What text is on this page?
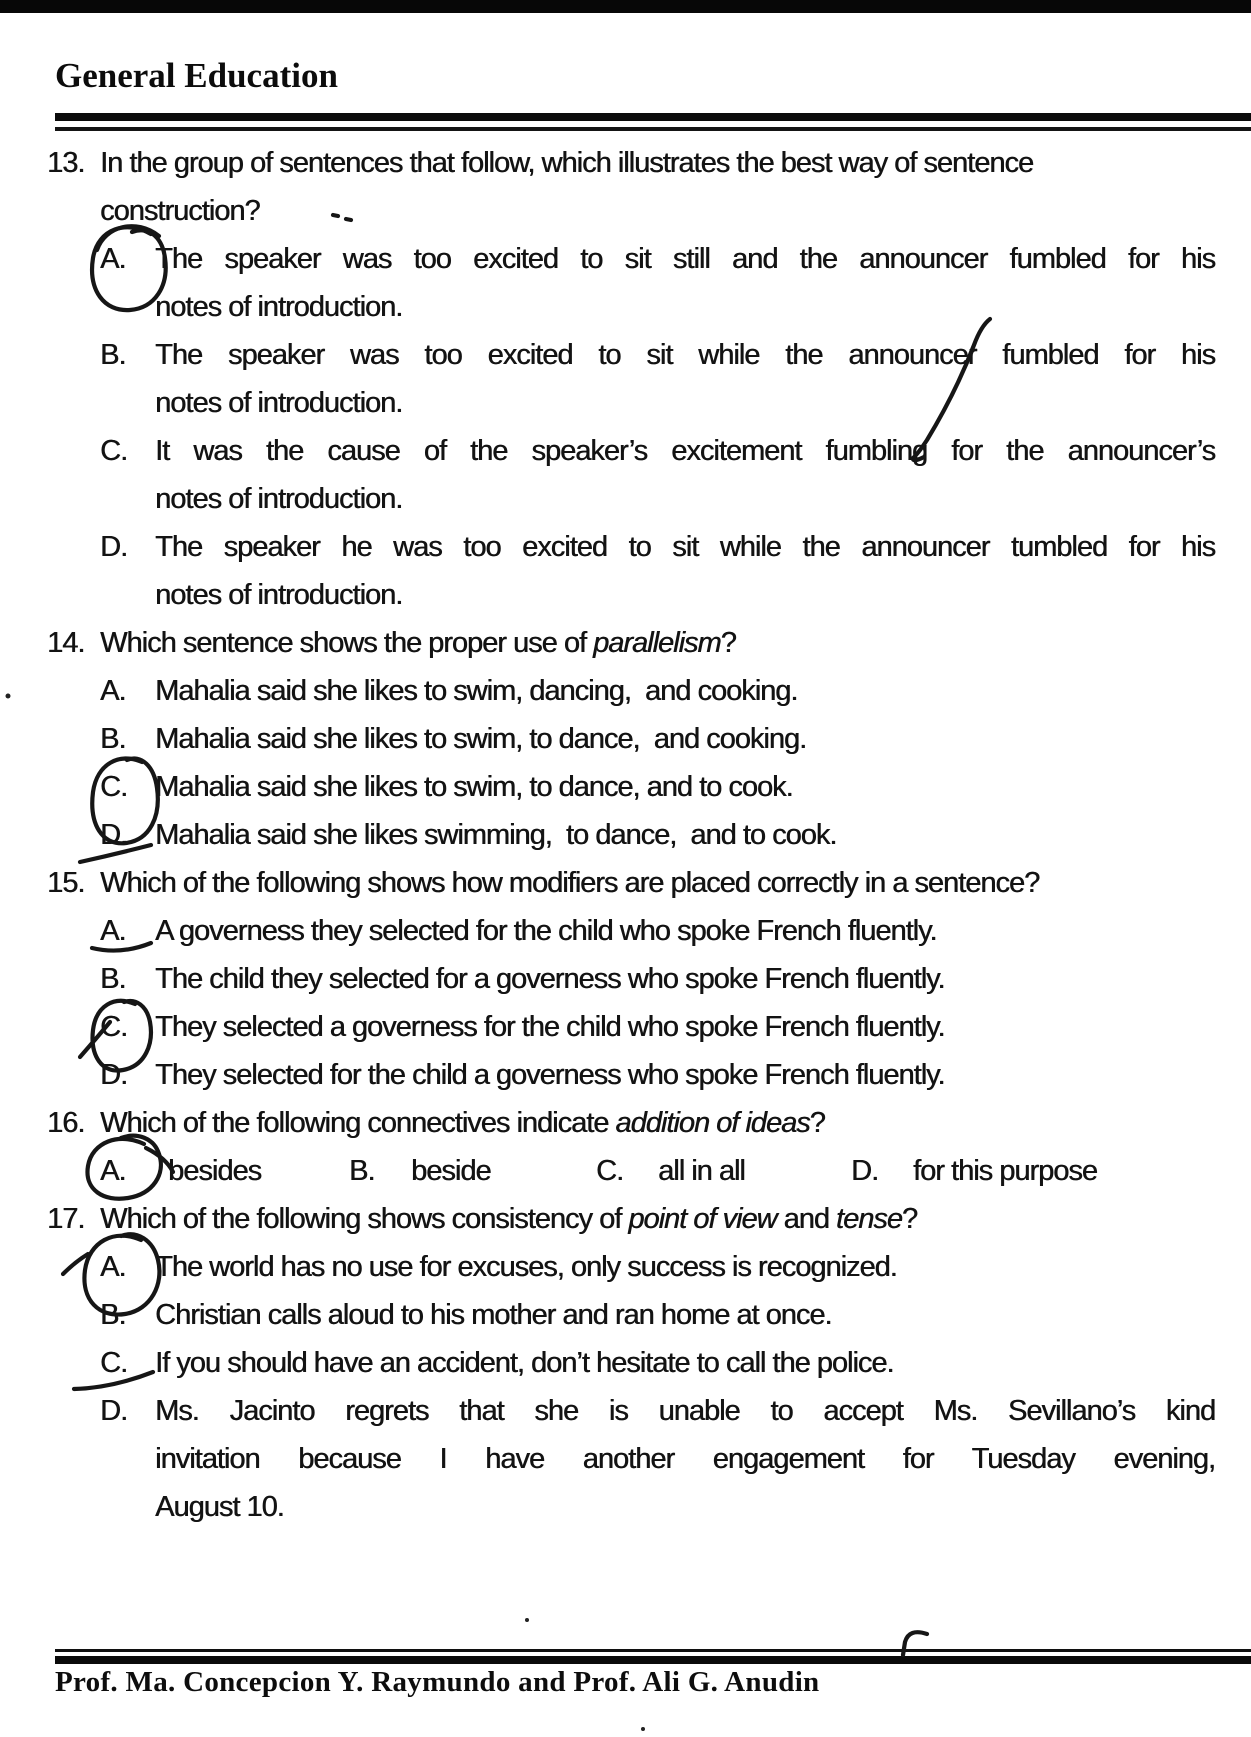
General Education
13. In the group of sentences that follow, which illustrates the best way of sentence
construction?
A.	The speaker was too excited to sit still and the announcer fumbled for his
notes of introduction.
B.	The speaker was too excited to sit while the announcer fumbled for his
notes of introduction.
C. It was the cause of the speaker’s excitement fumbling for the announcer’s
notes of introduction.
D. The speaker he was too excited to sit while the announcer tumbled for his
notes of introduction.
14. Which sentence shows the proper use of parallelism?
A.	Mahalia said she likes to swim, dancing,  and cooking.
B.	Mahalia said she likes to swim, to dance,  and cooking.
C. Mahalia said she likes to swim, to dance, and to cook.
D. Mahalia said she likes swimming,  to dance,  and to cook.
15. Which of the following shows how modifiers are placed correctly in a sentence?
A.	A governess they selected for the child who spoke French fluently.
B.	The child they selected for a governess who spoke French fluently.
C. They selected a governess for the child who spoke French fluently.
D. They selected for the child a governess who spoke French fluently.
16. Which of the following connectives indicate addition of ideas?
A.	besides	B.	beside	C.	all in all	D.	for this purpose
17. Which of the following shows consistency of point of view and tense?
A.	The world has no use for excuses, only success is recognized.
B.	Christian calls aloud to his mother and ran home at once.
C. If you should have an accident, don’t hesitate to call the police.
D. Ms. Jacinto regrets that she is unable to accept Ms. Sevillano’s kind
invitation because I have another engagement for Tuesday evening,
August 10.
Prof. Ma. Concepcion Y. Raymundo and Prof. Ali G. Anudin
